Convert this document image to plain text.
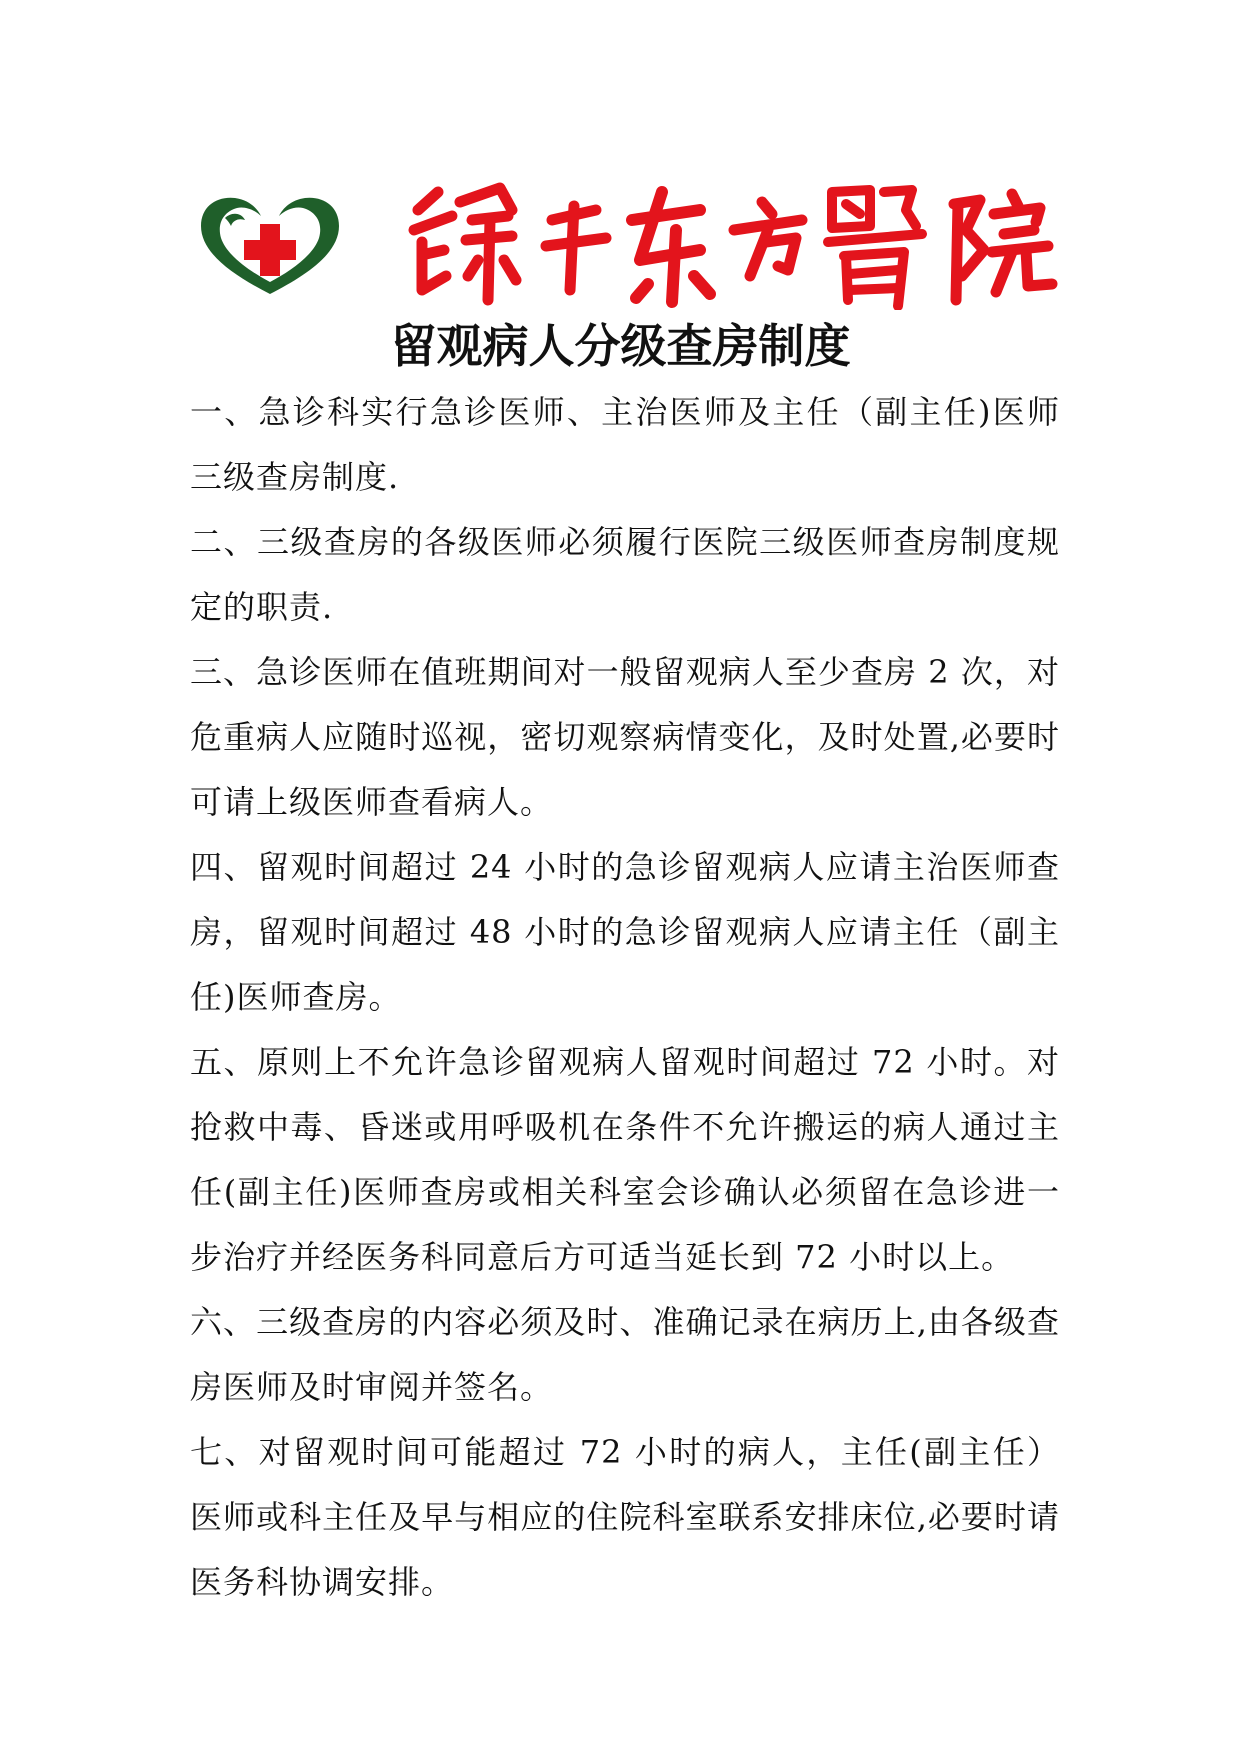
留观病人分级查房制度

一、急诊科实行急诊医师、主治医师及主任（副主任)医师三级查房制度.

二、三级查房的各级医师必须履行医院三级医师查房制度规定的职责.

三、急诊医师在值班期间对一般留观病人至少查房 2 次，对危重病人应随时巡视，密切观察病情变化，及时处置,必要时可请上级医师查看病人。

四、留观时间超过 24 小时的急诊留观病人应请主治医师查房，留观时间超过 48 小时的急诊留观病人应请主任（副主任)医师查房。

五、原则上不允许急诊留观病人留观时间超过 72 小时。对抢救中毒、昏迷或用呼吸机在条件不允许搬运的病人通过主任(副主任)医师查房或相关科室会诊确认必须留在急诊进一步治疗并经医务科同意后方可适当延长到 72 小时以上。

六、三级查房的内容必须及时、准确记录在病历上,由各级查房医师及时审阅并签名。

七、对留观时间可能超过 72 小时的病人，主任(副主任）医师或科主任及早与相应的住院科室联系安排床位,必要时请医务科协调安排。
